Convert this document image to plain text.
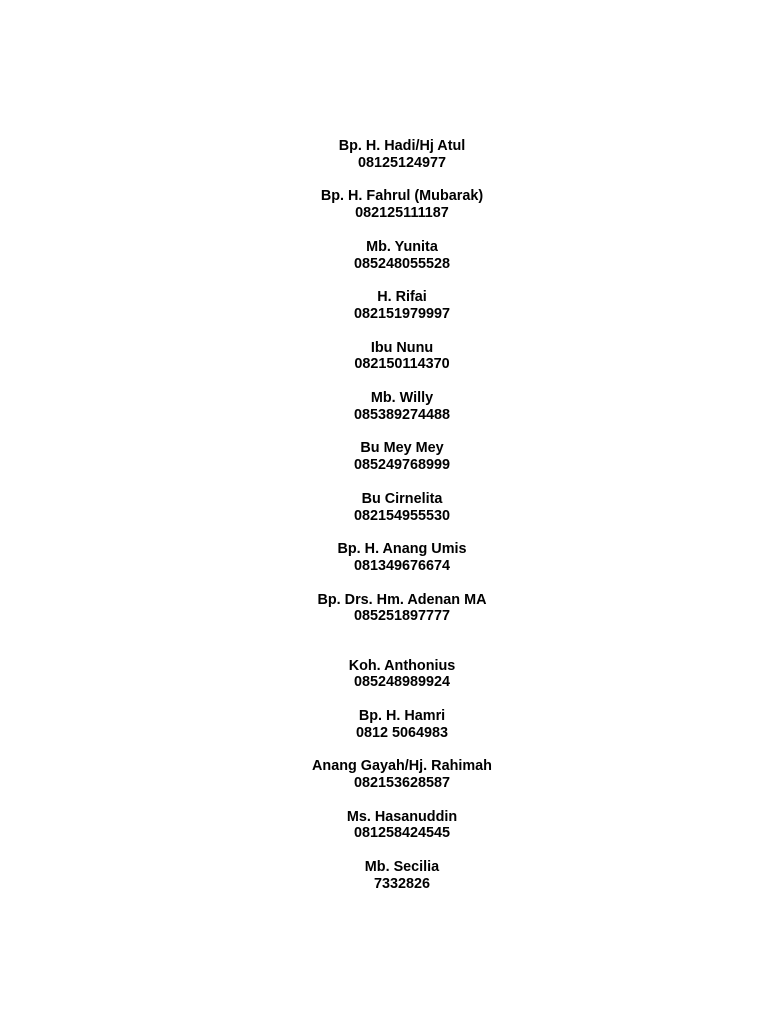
Bp. H. Hadi/Hj Atul
08125124977
Bp. H. Fahrul (Mubarak)
082125111187
Mb. Yunita
085248055528
H. Rifai
082151979997
Ibu Nunu
082150114370
Mb. Willy
085389274488
Bu Mey Mey
085249768999
Bu Cirnelita
082154955530
Bp. H. Anang Umis
081349676674
Bp. Drs. Hm. Adenan MA
085251897777
Koh. Anthonius
085248989924
Bp. H. Hamri
0812 5064983
Anang Gayah/Hj. Rahimah
082153628587
Ms. Hasanuddin
081258424545
Mb. Secilia
7332826
